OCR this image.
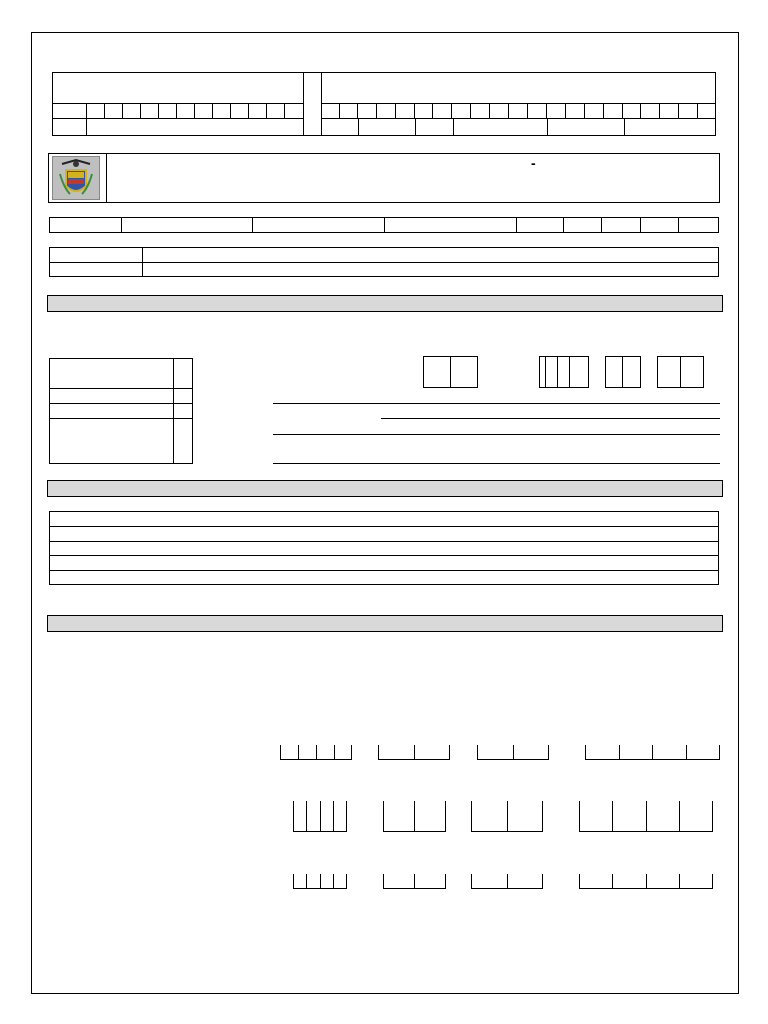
-
